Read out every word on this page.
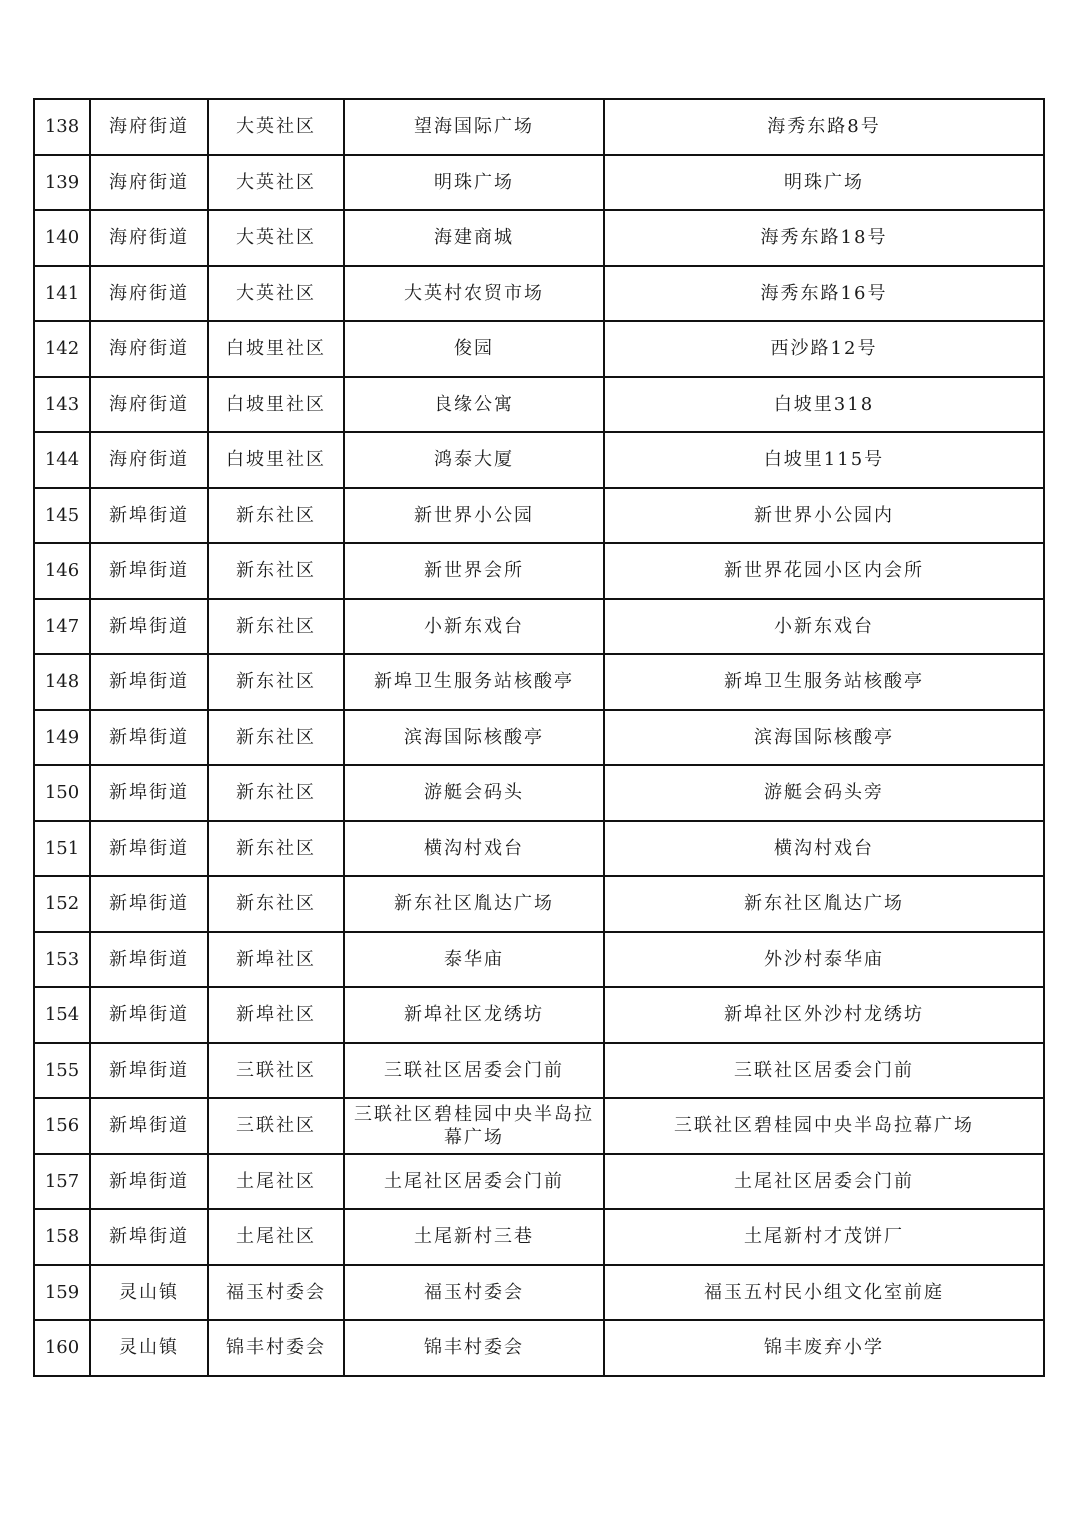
138	海府街道	大英社区	望海国际广场	海秀东路8号
139	海府街道	大英社区	明珠广场	明珠广场
140	海府街道	大英社区	海建商城	海秀东路18号
141	海府街道	大英社区	大英村农贸市场	海秀东路16号
142	海府街道	白坡里社区	俊园	西沙路12号
143	海府街道	白坡里社区	良缘公寓	白坡里318
144	海府街道	白坡里社区	鸿泰大厦	白坡里115号
145	新埠街道	新东社区	新世界小公园	新世界小公园内
146	新埠街道	新东社区	新世界会所	新世界花园小区内会所
147	新埠街道	新东社区	小新东戏台	小新东戏台
148	新埠街道	新东社区	新埠卫生服务站核酸亭	新埠卫生服务站核酸亭
149	新埠街道	新东社区	滨海国际核酸亭	滨海国际核酸亭
150	新埠街道	新东社区	游艇会码头	游艇会码头旁
151	新埠街道	新东社区	横沟村戏台	横沟村戏台
152	新埠街道	新东社区	新东社区胤达广场	新东社区胤达广场
153	新埠街道	新埠社区	泰华庙	外沙村泰华庙
154	新埠街道	新埠社区	新埠社区龙绣坊	新埠社区外沙村龙绣坊
155	新埠街道	三联社区	三联社区居委会门前	三联社区居委会门前
156	新埠街道	三联社区	三联社区碧桂园中央半岛拉幕广场	三联社区碧桂园中央半岛拉幕广场
157	新埠街道	土尾社区	土尾社区居委会门前	土尾社区居委会门前
158	新埠街道	土尾社区	土尾新村三巷	土尾新村才茂饼厂
159	灵山镇	福玉村委会	福玉村委会	福玉五村民小组文化室前庭
160	灵山镇	锦丰村委会	锦丰村委会	锦丰废弃小学
